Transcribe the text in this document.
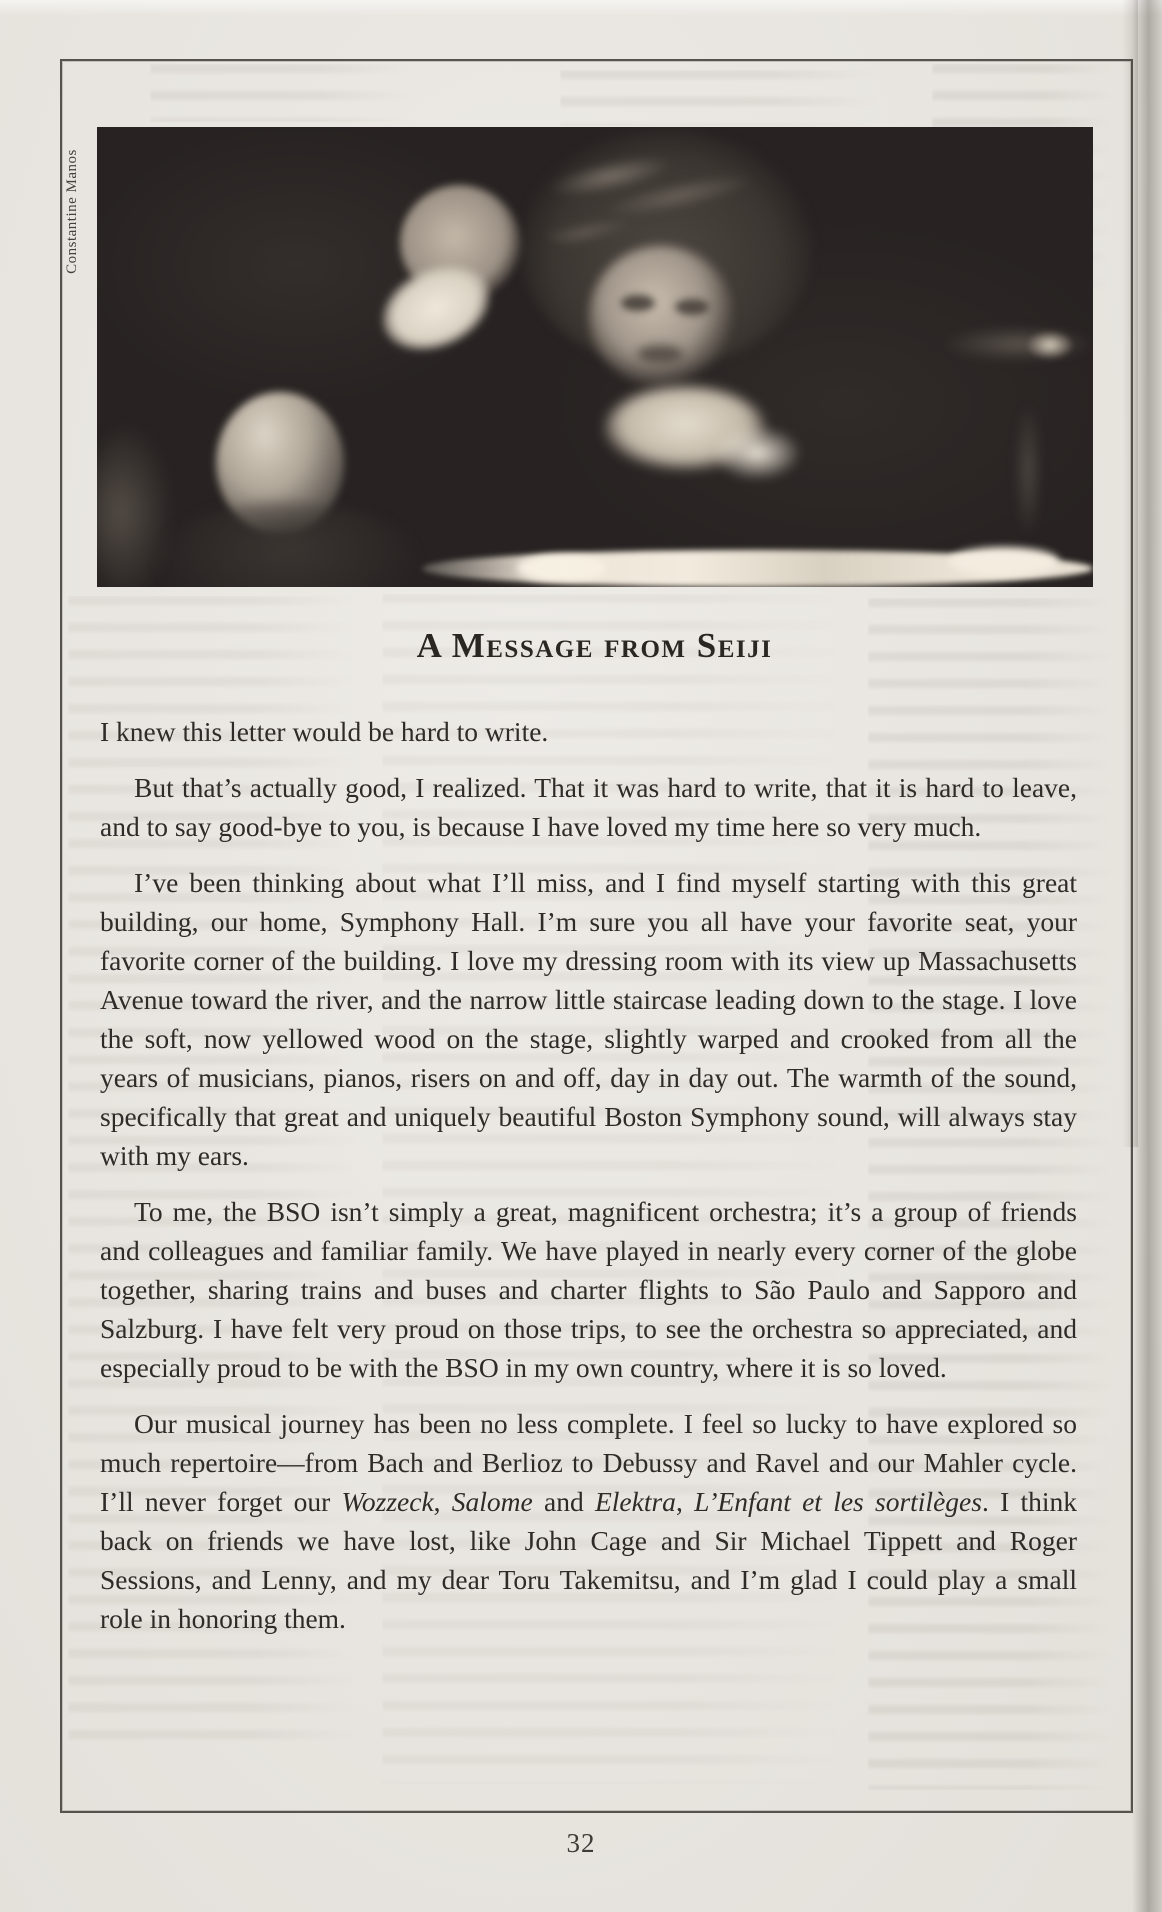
Constantine Manos
A Message from Seiji

I knew this letter would be hard to write.

But that’s actually good, I realized. That it was hard to write, that it is hard to leave, and to say good-bye to you, is because I have loved my time here so very much.

I’ve been thinking about what I’ll miss, and I find myself starting with this great building, our home, Symphony Hall. I’m sure you all have your favorite seat, your favorite corner of the building. I love my dressing room with its view up Massachusetts Avenue toward the river, and the narrow little staircase leading down to the stage. I love the soft, now yellowed wood on the stage, slightly warped and crooked from all the years of musicians, pianos, risers on and off, day in day out. The warmth of the sound, specifically that great and uniquely beautiful Boston Symphony sound, will always stay with my ears.

To me, the BSO isn’t simply a great, magnificent orchestra; it’s a group of friends and colleagues and familiar family. We have played in nearly every corner of the globe together, sharing trains and buses and charter flights to São Paulo and Sapporo and Salzburg. I have felt very proud on those trips, to see the orchestra so appreciated, and especially proud to be with the BSO in my own country, where it is so loved.

Our musical journey has been no less complete. I feel so lucky to have explored so much repertoire—from Bach and Berlioz to Debussy and Ravel and our Mahler cycle. I’ll never forget our Wozzeck, Salome and Elektra, L’Enfant et les sortilèges. I think back on friends we have lost, like John Cage and Sir Michael Tippett and Roger Sessions, and Lenny, and my dear Toru Takemitsu, and I’m glad I could play a small role in honoring them.

32
